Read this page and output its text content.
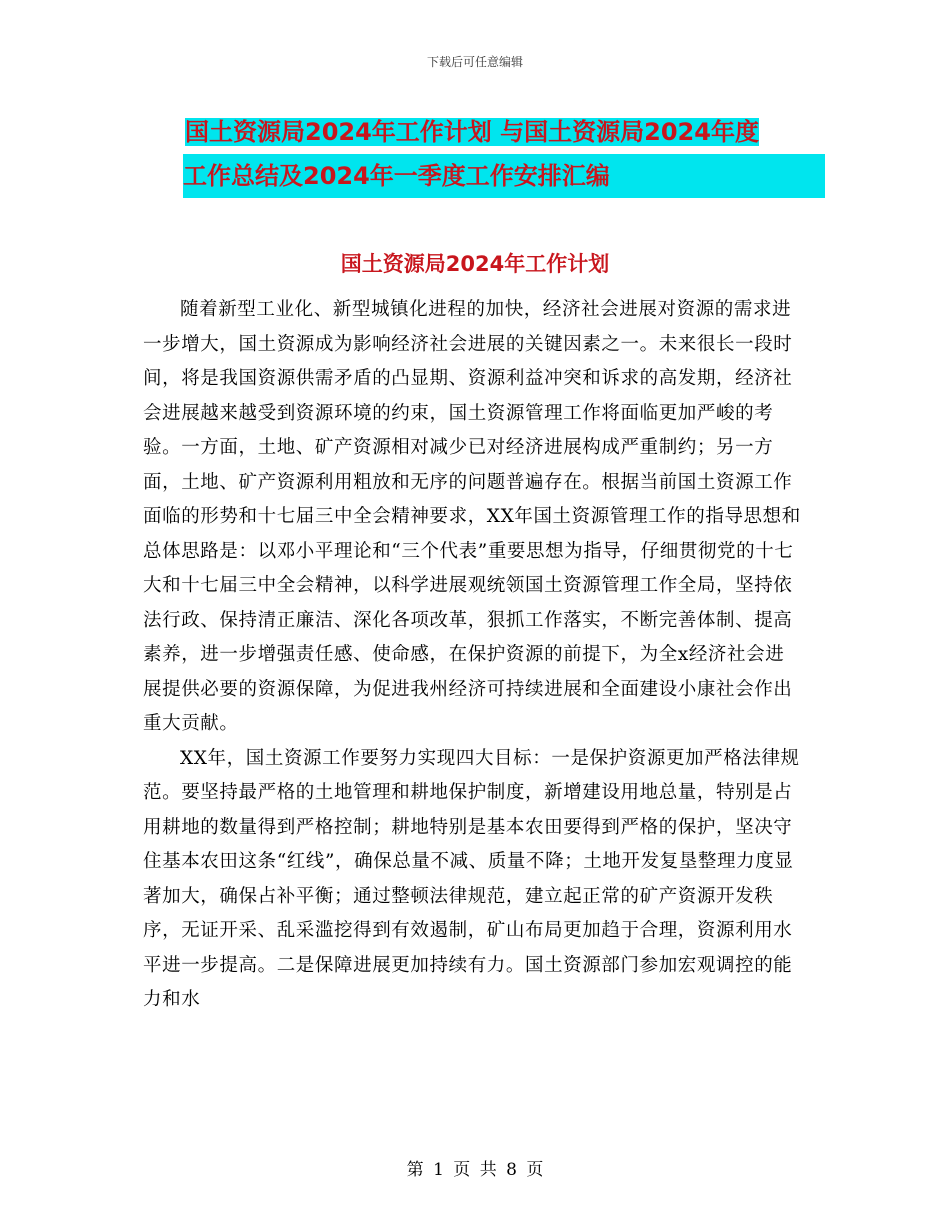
下载后可任意编辑
国土资源局2024年工作计划 与国土资源局2024年度
工作总结及2024年一季度工作安排汇编
国土资源局2024年工作计划

随着新型工业化、新型城镇化进程的加快，经济社会进展对资源的需求进一步增大，国土资源成为影响经济社会进展的关键因素之一。未来很长一段时间，将是我国资源供需矛盾的凸显期、资源利益冲突和诉求的高发期，经济社会进展越来越受到资源环境的约束，国土资源管理工作将面临更加严峻的考验。一方面，土地、矿产资源相对减少已对经济进展构成严重制约；另一方面，土地、矿产资源利用粗放和无序的问题普遍存在。根据当前国土资源工作面临的形势和十七届三中全会精神要求，XX年国土资源管理工作的指导思想和总体思路是：以邓小平理论和“三个代表”重要思想为指导，仔细贯彻党的十七大和十七届三中全会精神，以科学进展观统领国土资源管理工作全局，坚持依法行政、保持清正廉洁、深化各项改革，狠抓工作落实，不断完善体制、提高素养，进一步增强责任感、使命感，在保护资源的前提下，为全x经济社会进展提供必要的资源保障，为促进我州经济可持续进展和全面建设小康社会作出重大贡献。

XX年，国土资源工作要努力实现四大目标：一是保护资源更加严格法律规范。要坚持最严格的土地管理和耕地保护制度，新增建设用地总量，特别是占用耕地的数量得到严格控制；耕地特别是基本农田要得到严格的保护，坚决守住基本农田这条“红线”，确保总量不减、质量不降；土地开发复垦整理力度显著加大，确保占补平衡；通过整顿法律规范，建立起正常的矿产资源开发秩序，无证开采、乱采滥挖得到有效遏制，矿山布局更加趋于合理，资源利用水平进一步提高。二是保障进展更加持续有力。国土资源部门参加宏观调控的能力和水

第 1 页 共 8 页
